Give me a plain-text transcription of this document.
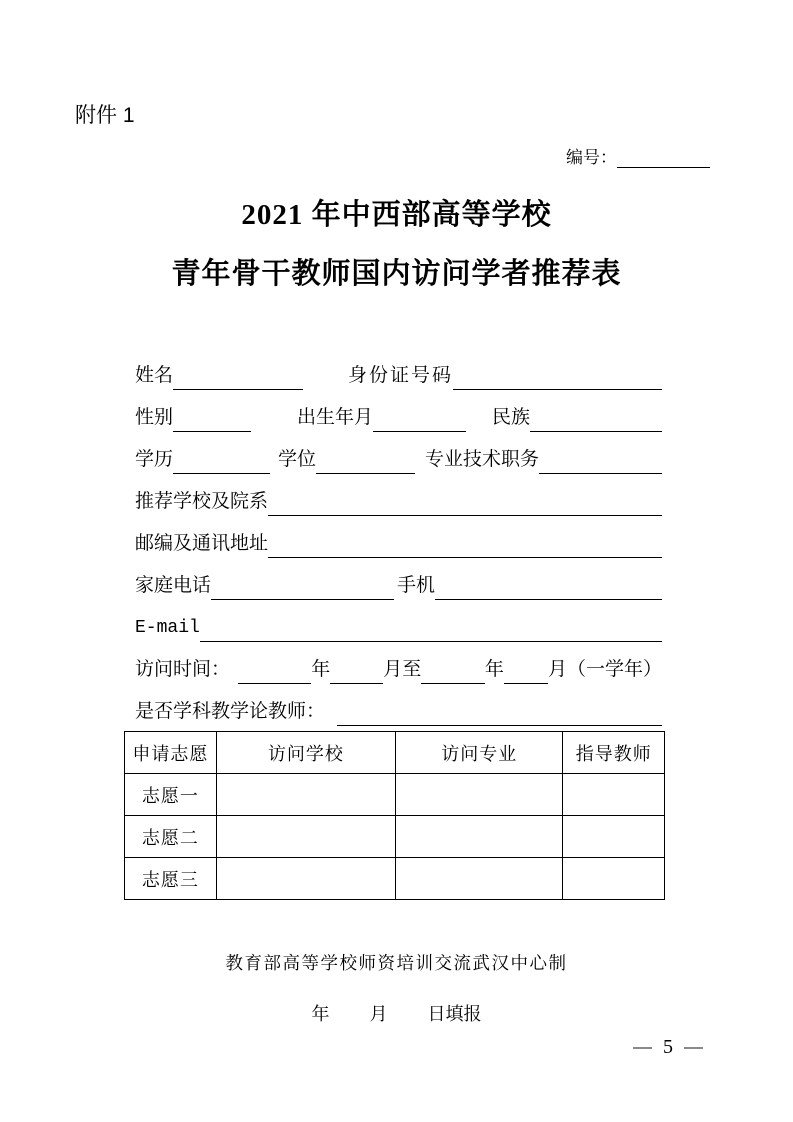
附件 1
编号：
2021 年中西部高等学校
青年骨干教师国内访问学者推荐表
姓名	身份证号码
性别	出生年月	民族
学历	学位	专业技术职务
推荐学校及院系
邮编及通讯地址
家庭电话	手机
E-mail
访问时间：	年	月至	年 月（一学年）
是否学科教学论教师：
申请志愿	访问学校	访问专业	指导教师
志愿一			
志愿二			
志愿三			
教育部高等学校师资培训交流武汉中心制
年 月 日填报
5
